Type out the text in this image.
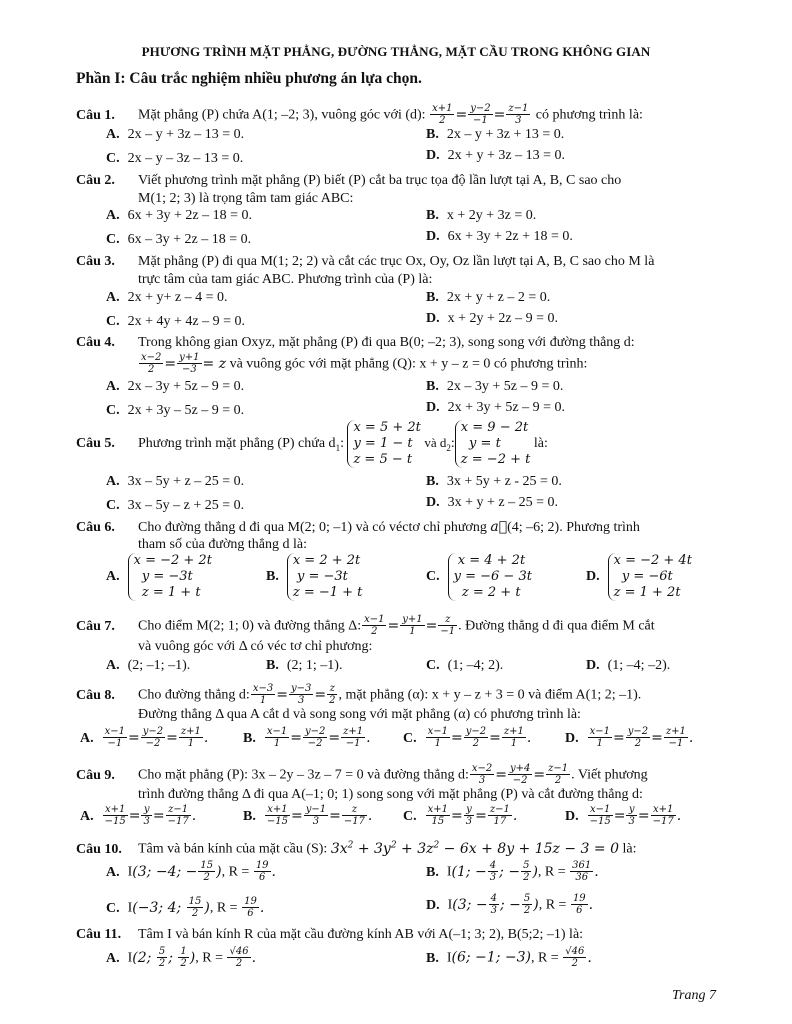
PHƯƠNG TRÌNH MẶT PHẲNG, ĐƯỜNG THẲNG, MẶT CẦU TRONG KHÔNG GIAN
Phần I: Câu trắc nghiệm nhiều phương án lựa chọn.
Câu 1. Mặt phẳng (P) chứa A(1; –2; 3), vuông góc với (d): $\frac{x+1}{2} = \frac{y-2}{-1} = \frac{z-1}{3}$ có phương trình là:
A. 2x – y + 3z – 13 = 0.	B. 2x – y + 3z + 13 = 0.
C. 2x – y – 3z – 13 = 0.	D. 2x + y + 3z – 13 = 0.
Câu 2. Viết phương trình mặt phẳng (P) biết (P) cắt ba trục tọa độ lần lượt tại A, B, C sao cho
M(1; 2; 3) là trọng tâm tam giác ABC:
A. 6x + 3y + 2z – 18 = 0.	B. x + 2y + 3z = 0.
C. 6x – 3y + 2z – 18 = 0.	D. 6x + 3y + 2z + 18 = 0.
Câu 3. Mặt phẳng (P) đi qua M(1; 2; 2) và cắt các trục Ox, Oy, Oz lần lượt tại A, B, C sao cho M là
trực tâm của tam giác ABC. Phương trình của (P) là:
A. 2x + y+ z – 4 = 0.	B. 2x + y + z – 2 = 0.
C. 2x + 4y + 4z – 9 = 0.	D. x + 2y + 2z – 9 = 0.
Câu 4. Trong không gian Oxyz, mặt phẳng (P) đi qua B(0; –2; 3), song song với đường thẳng d:
$\frac{x-2}{2} = \frac{y+1}{-3} = z$ và vuông góc với mặt phẳng (Q): x + y – z = 0 có phương trình:
A. 2x – 3y + 5z – 9 = 0.	B. 2x – 3y + 5z – 9 = 0.
C. 2x + 3y – 5z – 9 = 0.	D. 2x + 3y + 5z – 9 = 0.
Câu 5. Phương trình mặt phẳng (P) chứa $d_1$: x = 5 + 2t
y = 1 − t
z = 5 − t và $d_2:x = 9 - 2t$
y = t
z = −2 + t là:
A. 3x – 5y + z – 25 = 0.	B. 3x + 5y + z - 25 = 0.
C. 3x – 5y – z + 25 = 0.	D. 3x + y + z – 25 = 0.
Câu 6. Cho đường thẳng d đi qua M(2; 0; –1) và có véctơ chỉ phương a⃗(4; –6; 2). Phương trình
tham số của đường thẳng d là:
A.x = −2 + 2t
y = −3t
z = 1 + t
B.x = 2 + 2t
y = −3t
z = −1 + t
C. x = 4 + 2t
y = −6 − 3t
z = 2 + t
D.x = −2 + 4t
y = −6t
z = 1 + 2t
Câu 7. Cho điểm M(2; 1; 0) và đường thẳng Δ: $\frac{x-1}{2} = \frac{y+1}{1} = \frac{z}{-1}$ . Đường thẳng d đi qua điểm M cắt
và vuông góc với Δ có véc tơ chỉ phương:
A. (2; –1; –1).	B. (2; 1; –1).	C. (1; –4; 2).	D. (1; –4; –2).
Câu 8. Cho đường thẳng d: $\frac{x-3}{1} = \frac{y-3}{3} = \frac{z}{2}$ , mặt phẳng (α): x + y – z + 3 = 0 và điểm A(1; 2; –1).
Đường thẳng Δ qua A cắt d và song song với mặt phẳng (α) có phương trình là:
A. $\frac{x-1}{-1} = \frac{y-2}{-2} = \frac{z+1}{1}$ . B. $\frac{x-1}{1} = \frac{y-2}{-2} = \frac{z+1}{-1}$ . C. $\frac{x-1}{1} = \frac{y-2}{2} = \frac{z+1}{1}$ . D. $\frac{x-1}{1} = \frac{y-2}{2} = \frac{z+1}{-1}$ .
Câu 9. Cho mặt phẳng (P): 3x – 2y – 3z – 7 = 0 và đường thẳng d: $\frac{x-2}{3} = \frac{y+4}{-2} = \frac{z-1}{2}$ . Viết phương
trình đường thẳng Δ đi qua A(–1; 0; 1) song song với mặt phẳng (P) và cắt đường thẳng d:
A. $\frac{x+1}{-15} = \frac{y}{3} = \frac{z-1}{-17}$ .	B. $\frac{x+1}{-15} = \frac{y-1}{3} = \frac{z}{-17}$ . C. $\frac{x+1}{15} = \frac{y}{3} = \frac{z-1}{17}$ .	D. $\frac{x-1}{-15} = \frac{y}{3} = \frac{x+1}{-17}$ .
Câu 10. Tâm và bán kính của mặt cầu (S): $3x^2 + 3y^2 + 3z^2 - 6x + 8y + 15z - 3 = 0$ là:
A. I(3; −4; − $\frac{15}{2}$ ), $R = \frac{19}{6}$ .	B. I(1; − $\frac{4}{3}$ ; − $\frac{5}{2}$ ), $R = \frac{361}{36}$ .
C. I(−3; 4; $\frac{15}{2}$ ), $R = \frac{19}{6}$ .	D. I(3; − $\frac{4}{3}$ ; − $\frac{5}{2}$ ), $R = \frac{19}{6}$ .
Câu 11. Tâm I và bán kính R của mặt cầu đường kính AB với A(–1; 3; 2), B(5;2; –1) là:
A. I(2; $\frac{5}{2}$ ; $\frac{1}{2}$ ), $R = \frac{√46}{2}$ .	B. I(6; −1; −3), $R = \frac{√46}{2}$ .
Trang 7
